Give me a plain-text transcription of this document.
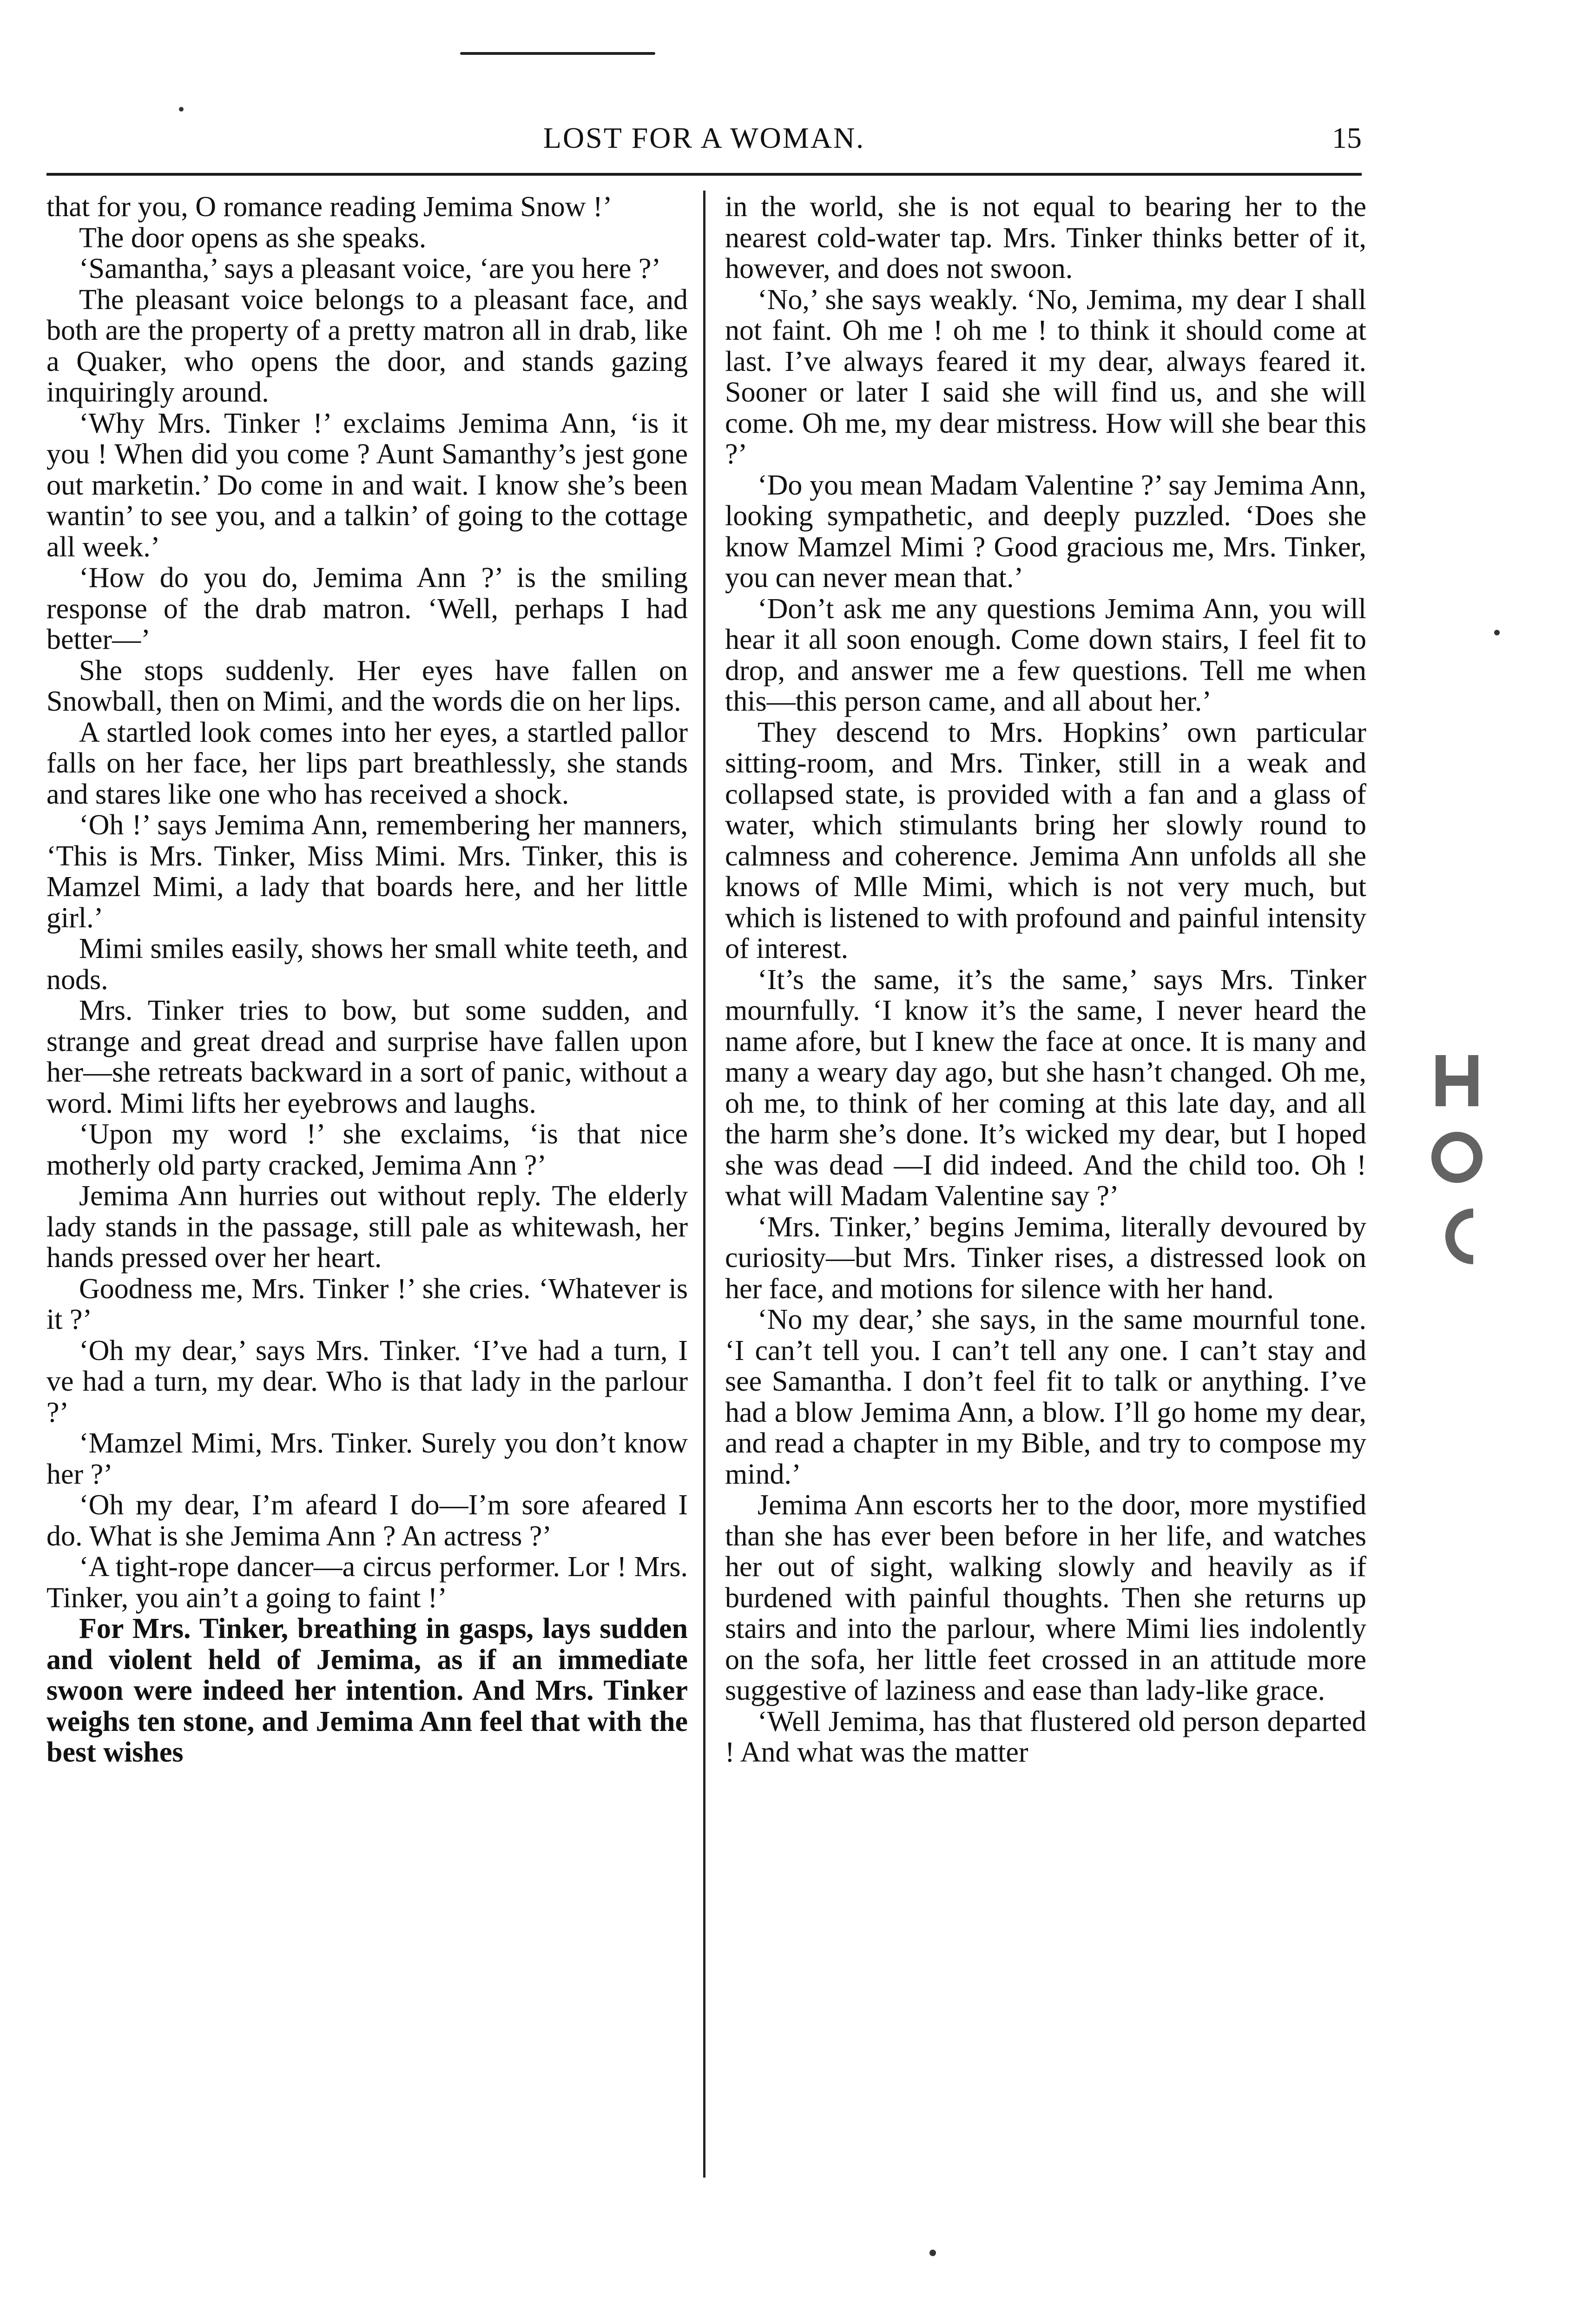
LOST FOR A WOMAN.	15

that for you, O romance reading Jemima Snow !’

The door opens as she speaks.

‘Samantha,’ says a pleasant voice, ‘are you here ?’

The pleasant voice belongs to a pleasant face, and both are the property of a pretty matron all in drab, like a Quaker, who opens the door, and stands gazing inquiringly around.

‘Why Mrs. Tinker !’ exclaims Jemima Ann, ‘is it you ! When did you come ? Aunt Samanthy’s jest gone out marketin.’ Do come in and wait. I know she’s been wantin’ to see you, and a talkin’ of going to the cottage all week.’

‘How do you do, Jemima Ann ?’ is the smiling response of the drab matron. ‘Well, perhaps I had better—’

She stops suddenly. Her eyes have fallen on Snowball, then on Mimi, and the words die on her lips.

A startled look comes into her eyes, a startled pallor falls on her face, her lips part breathlessly, she stands and stares like one who has received a shock.

‘Oh !’ says Jemima Ann, remembering her manners, ‘This is Mrs. Tinker, Miss Mimi. Mrs. Tinker, this is Mamzel Mimi, a lady that boards here, and her little girl.’

Mimi smiles easily, shows her small white teeth, and nods.

Mrs. Tinker tries to bow, but some sudden, and strange and great dread and surprise have fallen upon her—she retreats backward in a sort of panic, without a word. Mimi lifts her eyebrows and laughs.

‘Upon my word !’ she exclaims, ‘is that nice motherly old party cracked, Jemima Ann ?’

Jemima Ann hurries out without reply. The elderly lady stands in the passage, still pale as whitewash, her hands pressed over her heart.

Goodness me, Mrs. Tinker !’ she cries. ‘Whatever is it ?’

‘Oh my dear,’ says Mrs. Tinker. ‘I’ve had a turn, I ve had a turn, my dear. Who is that lady in the parlour ?’

‘Mamzel Mimi, Mrs. Tinker. Surely you don’t know her ?’

‘Oh my dear, I’m afeard I do—I’m sore afeared I do. What is she Jemima Ann ? An actress ?’

‘A tight-rope dancer—a circus performer. Lor ! Mrs. Tinker, you ain’t a going to faint !’

For Mrs. Tinker, breathing in gasps, lays sudden and violent held of Jemima, as if an immediate swoon were indeed her intention. And Mrs. Tinker weighs ten stone, and Jemima Ann feel that with the best wishes

in the world, she is not equal to bearing her to the nearest cold-water tap. Mrs. Tinker thinks better of it, however, and does not swoon.

‘No,’ she says weakly. ‘No, Jemima, my dear I shall not faint. Oh me ! oh me ! to think it should come at last. I’ve always feared it my dear, always feared it. Sooner or later I said she will find us, and she will come. Oh me, my dear mistress. How will she bear this ?’

‘Do you mean Madam Valentine ?’ say Jemima Ann, looking sympathetic, and deeply puzzled. ‘Does she know Mamzel Mimi ? Good gracious me, Mrs. Tinker, you can never mean that.’

‘Don’t ask me any questions Jemima Ann, you will hear it all soon enough. Come down stairs, I feel fit to drop, and answer me a few questions. Tell me when this—this person came, and all about her.’

They descend to Mrs. Hopkins’ own particular sitting-room, and Mrs. Tinker, still in a weak and collapsed state, is provided with a fan and a glass of water, which stimulants bring her slowly round to calmness and coherence. Jemima Ann unfolds all she knows of Mlle Mimi, which is not very much, but which is listened to with profound and painful intensity of interest.

‘It’s the same, it’s the same,’ says Mrs. Tinker mournfully. ‘I know it’s the same, I never heard the name afore, but I knew the face at once. It is many and many a weary day ago, but she hasn’t changed. Oh me, oh me, to think of her coming at this late day, and all the harm she’s done. It’s wicked my dear, but I hoped she was dead —I did indeed. And the child too. Oh ! what will Madam Valentine say ?’

‘Mrs. Tinker,’ begins Jemima, literally devoured by curiosity—but Mrs. Tinker rises, a distressed look on her face, and motions for silence with her hand.

‘No my dear,’ she says, in the same mournful tone. ‘I can’t tell you. I can’t tell any one. I can’t stay and see Samantha. I don’t feel fit to talk or anything. I’ve had a blow Jemima Ann, a blow. I’ll go home my dear, and read a chapter in my Bible, and try to compose my mind.’

Jemima Ann escorts her to the door, more mystified than she has ever been before in her life, and watches her out of sight, walking slowly and heavily as if burdened with painful thoughts. Then she returns up stairs and into the parlour, where Mimi lies indolently on the sofa, her little feet crossed in an attitude more suggestive of laziness and ease than lady-like grace.

‘Well Jemima, has that flustered old person departed ! And what was the matter
